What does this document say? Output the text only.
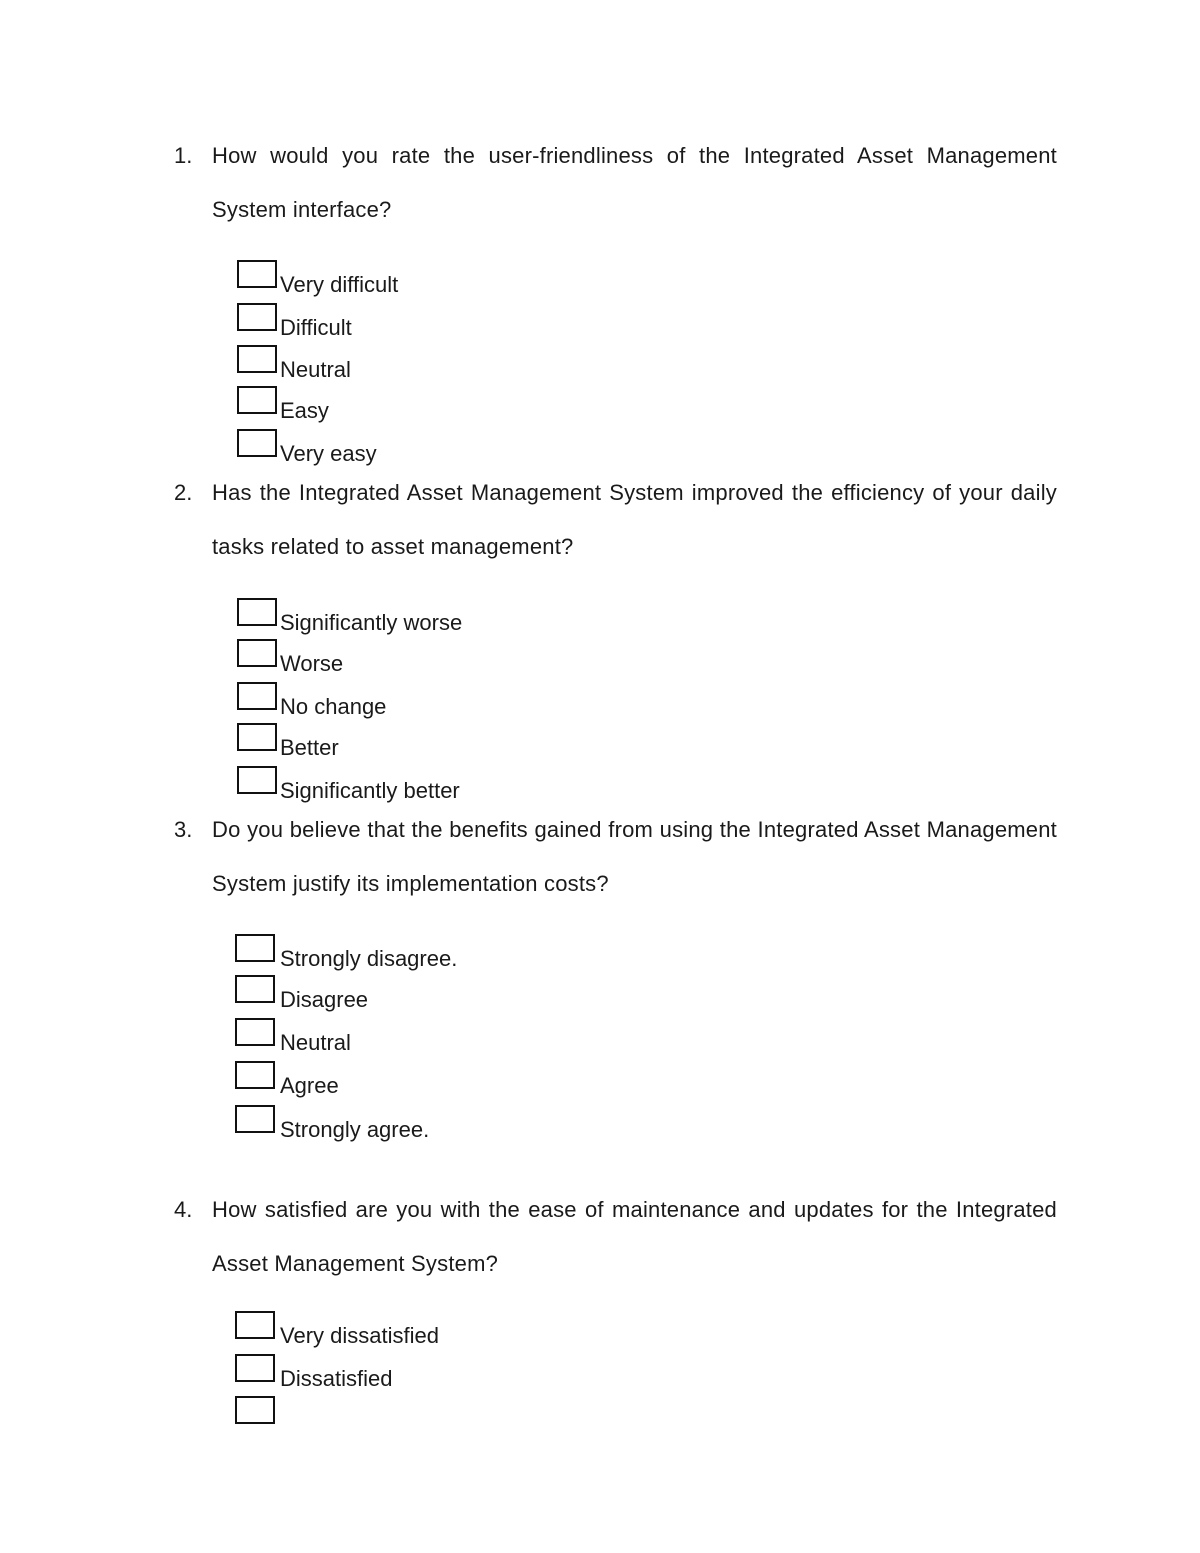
1. How would you rate the user-friendliness of the Integrated Asset Management System interface?
Very difficult
Difficult
Neutral
Easy
Very easy
2. Has the Integrated Asset Management System improved the efficiency of your daily tasks related to asset management?
Significantly worse
Worse
No change
Better
Significantly better
3. Do you believe that the benefits gained from using the Integrated Asset Management System justify its implementation costs?
Strongly disagree.
Disagree
Neutral
Agree
Strongly agree.
4. How satisfied are you with the ease of maintenance and updates for the Integrated Asset Management System?
Very dissatisfied
Dissatisfied
